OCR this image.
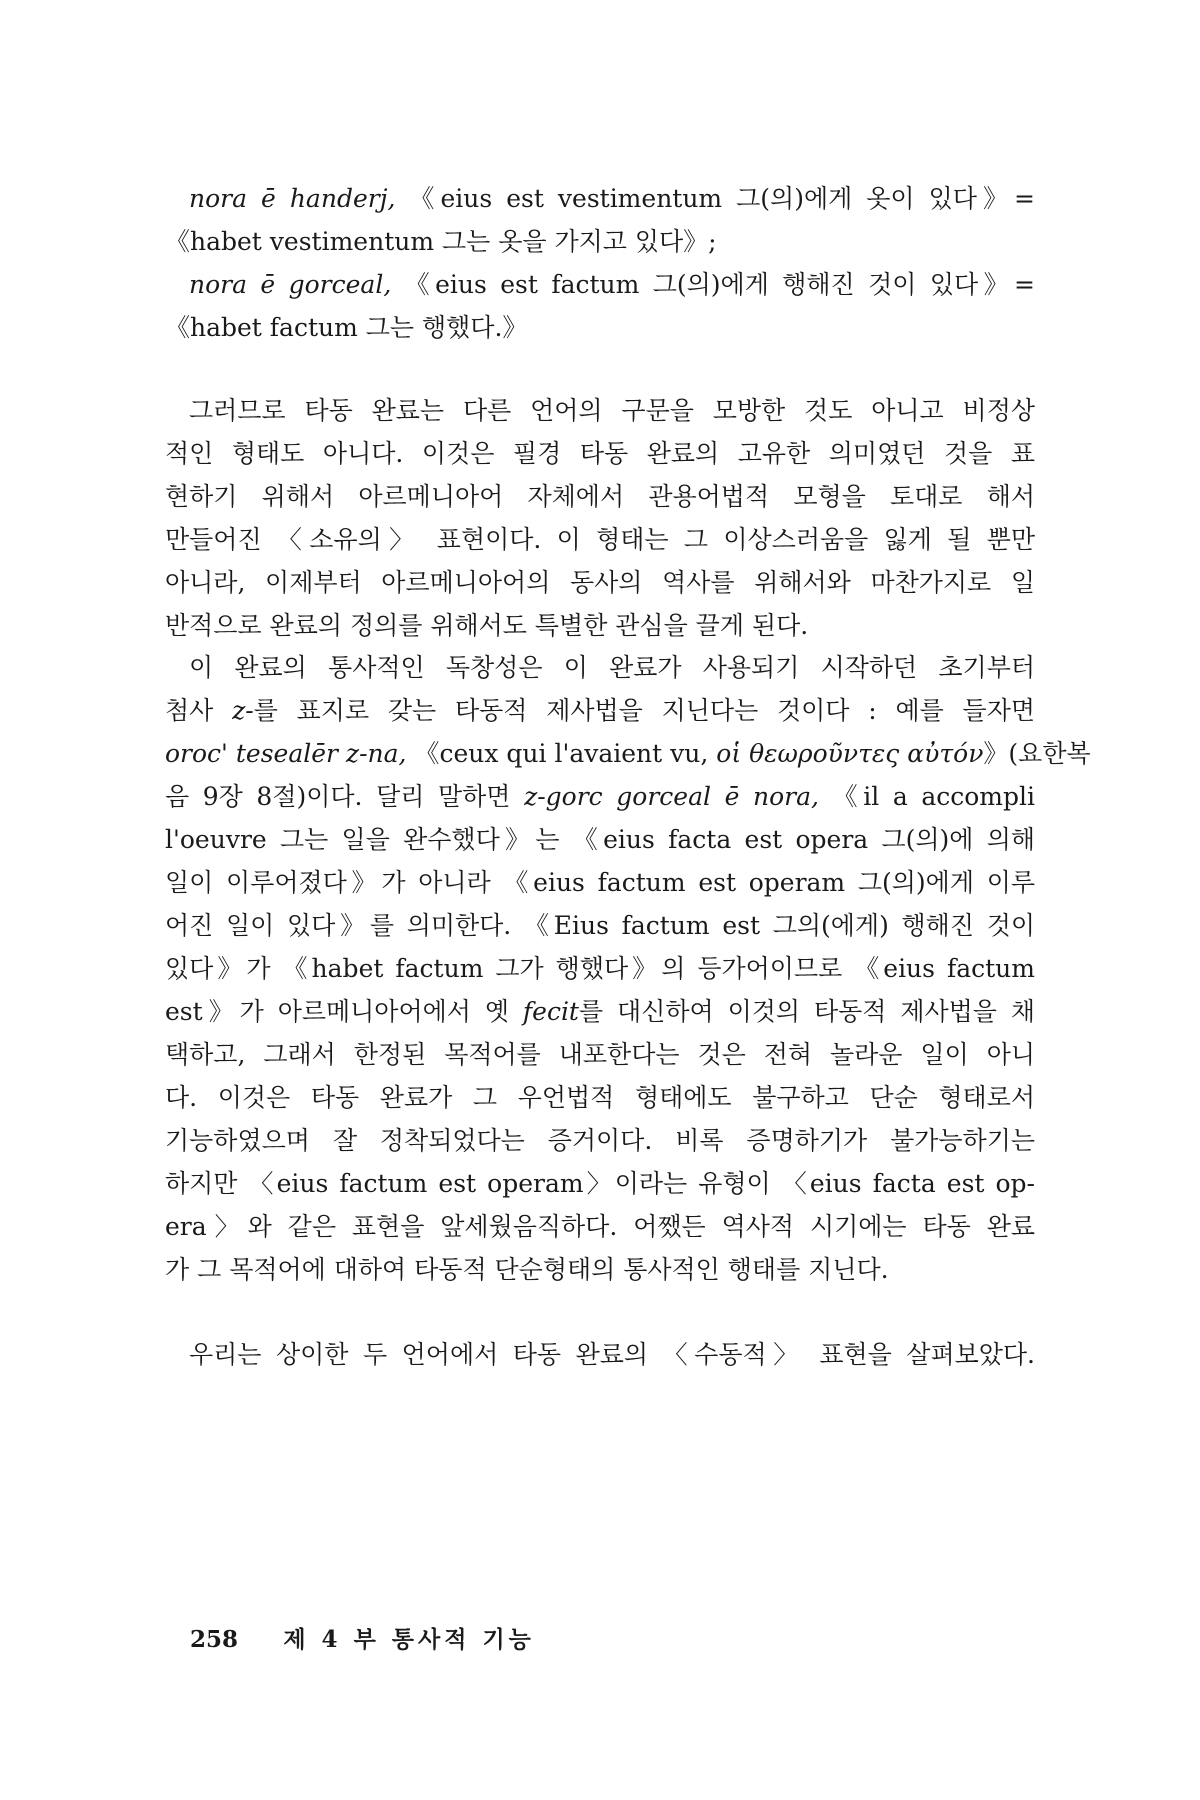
nora ē handerj, 《eius est vestimentum 그(의)에게 옷이 있다》=
《habet vestimentum 그는 옷을 가지고 있다》;
nora ē gorceal, 《eius est factum 그(의)에게 행해진 것이 있다》=
《habet factum 그는 행했다.》
그러므로 타동 완료는 다른 언어의 구문을 모방한 것도 아니고 비정상
적인 형태도 아니다. 이것은 필경 타동 완료의 고유한 의미였던 것을 표
현하기 위해서 아르메니아어 자체에서 관용어법적 모형을 토대로 해서
만들어진 〈소유의〉 표현이다. 이 형태는 그 이상스러움을 잃게 될 뿐만
아니라, 이제부터 아르메니아어의 동사의 역사를 위해서와 마찬가지로 일
반적으로 완료의 정의를 위해서도 특별한 관심을 끌게 된다.
이 완료의 통사적인 독창성은 이 완료가 사용되기 시작하던 초기부터
첨사 z-를 표지로 갖는 타동적 제사법을 지닌다는 것이다 : 예를 들자면
oroc' tesealēr z-na, 《ceux qui l'avaient vu, οἱ θεωροῦντες αὐτόν》(요한복
음 9장 8절)이다. 달리 말하면 z-gorc gorceal ē nora, 《il a accompli
l'oeuvre 그는 일을 완수했다》는 《eius facta est opera 그(의)에 의해
일이 이루어졌다》가 아니라 《eius factum est operam 그(의)에게 이루
어진 일이 있다》를 의미한다. 《Eius factum est 그의(에게) 행해진 것이
있다》가 《habet factum 그가 행했다》의 등가어이므로 《eius factum
est》가 아르메니아어에서 옛 fecit를 대신하여 이것의 타동적 제사법을 채
택하고, 그래서 한정된 목적어를 내포한다는 것은 전혀 놀라운 일이 아니
다. 이것은 타동 완료가 그 우언법적 형태에도 불구하고 단순 형태로서
기능하였으며 잘 정착되었다는 증거이다. 비록 증명하기가 불가능하기는
하지만 〈eius factum est operam〉이라는 유형이 〈eius facta est op-
era〉와 같은 표현을 앞세웠음직하다. 어쨌든 역사적 시기에는 타동 완료
가 그 목적어에 대하여 타동적 단순형태의 통사적인 행태를 지닌다.
우리는 상이한 두 언어에서 타동 완료의 〈수동적〉 표현을 살펴보았다.
258 제 4 부 통사적 기능
